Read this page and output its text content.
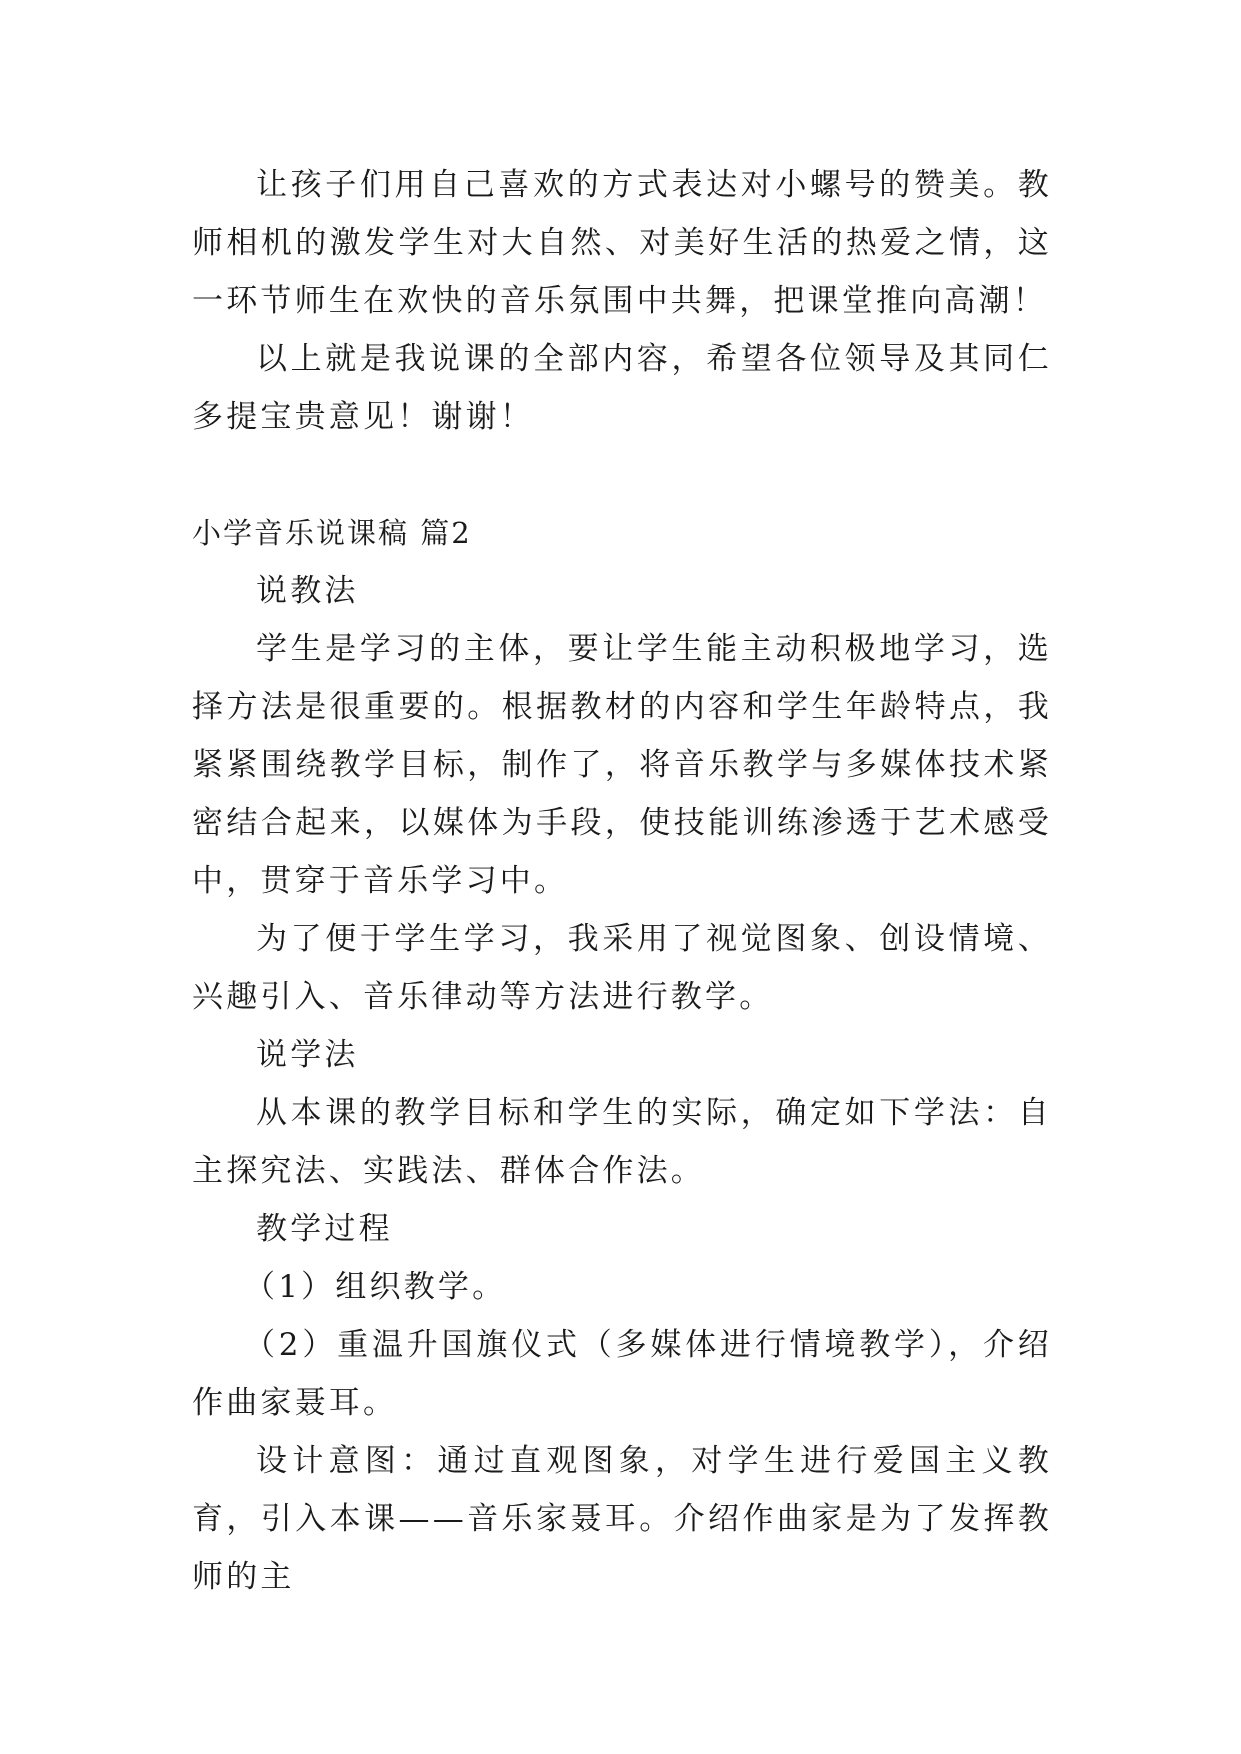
让孩子们用自己喜欢的方式表达对小螺号的赞美。教师相机的激发学生对大自然、对美好生活的热爱之情，这一环节师生在欢快的音乐氛围中共舞，把课堂推向高潮！

以上就是我说课的全部内容，希望各位领导及其同仁多提宝贵意见！谢谢！

小学音乐说课稿 篇2

说教法

学生是学习的主体，要让学生能主动积极地学习，选择方法是很重要的。根据教材的内容和学生年龄特点，我紧紧围绕教学目标，制作了，将音乐教学与多媒体技术紧密结合起来，以媒体为手段，使技能训练渗透于艺术感受中，贯穿于音乐学习中。

为了便于学生学习，我采用了视觉图象、创设情境、兴趣引入、音乐律动等方法进行教学。

说学法

从本课的教学目标和学生的实际，确定如下学法：自主探究法、实践法、群体合作法。

教学过程

（1）组织教学。

（2）重温升国旗仪式（多媒体进行情境教学），介绍作曲家聂耳。

设计意图：通过直观图象，对学生进行爱国主义教育，引入本课——音乐家聂耳。介绍作曲家是为了发挥教师的主
